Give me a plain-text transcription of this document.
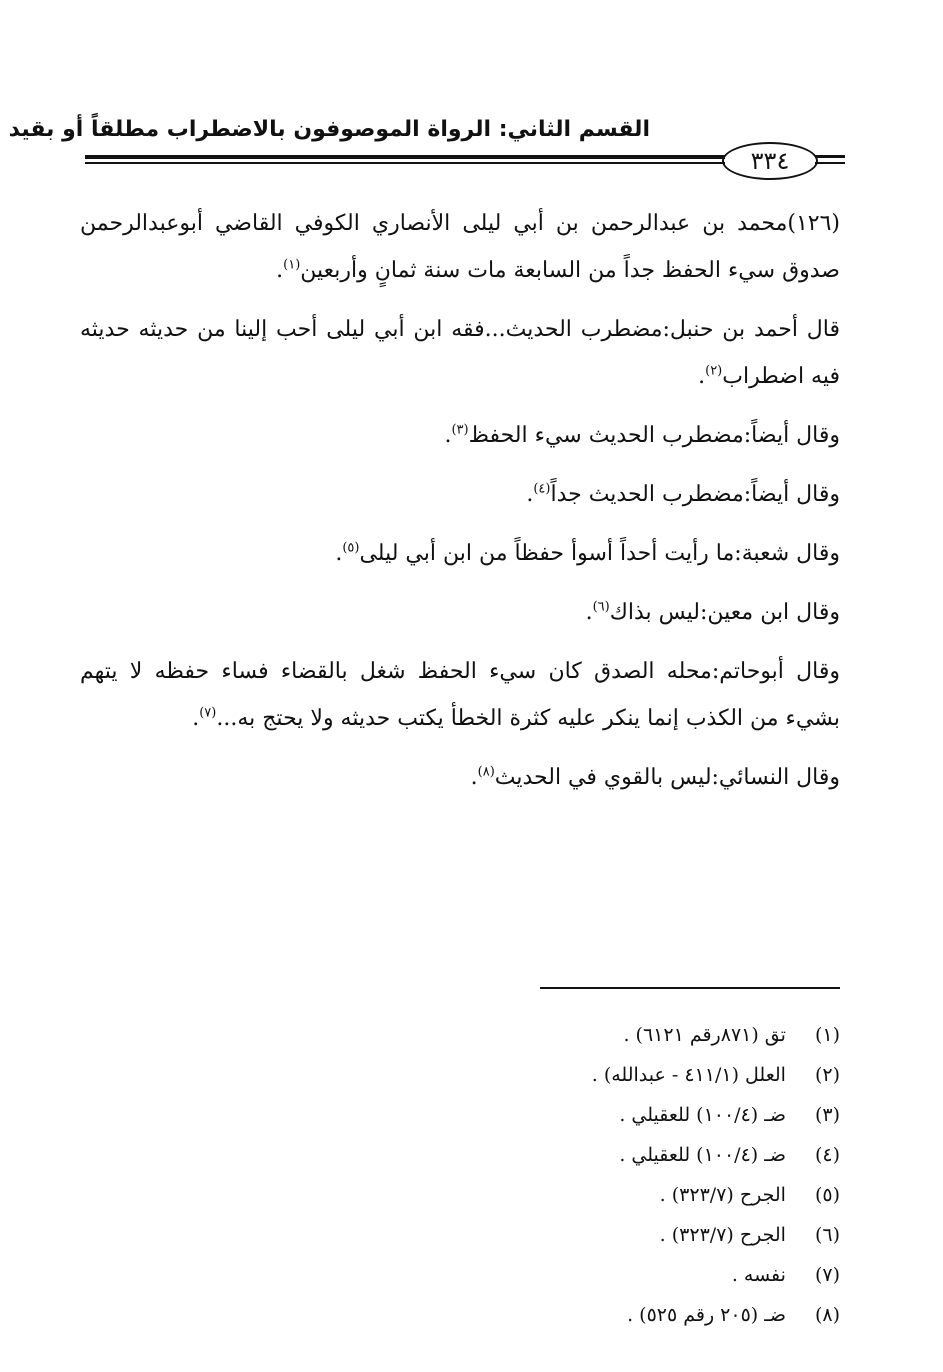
القسم الثاني: الرواة الموصوفون بالاضطراب مطلقاً أو بقيد
٣٣٤

(١٢٦)محمد بن عبدالرحمن بن أبي ليلى الأنصاري الكوفي القاضي أبوعبدالرحمن صدوق سيء الحفظ جداً من السابعة مات سنة ثمانٍ وأربعين$^{(١)}$.

قال أحمد بن حنبل:مضطرب الحديث...فقه ابن أبي ليلى أحب إلينا من حديثه حديثه فيه اضطراب$^{(٢)}$.

وقال أيضاً:مضطرب الحديث سيء الحفظ$^{(٣)}$.

وقال أيضاً:مضطرب الحديث جداً$^{(٤)}$.

وقال شعبة:ما رأيت أحداً أسوأ حفظاً من ابن أبي ليلى$^{(٥)}$.

وقال ابن معين:ليس بذاك$^{(٦)}$.

وقال أبوحاتم:محله الصدق كان سيء الحفظ شغل بالقضاء فساء حفظه لا يتهم بشيء من الكذب إنما ينكر عليه كثرة الخطأ يكتب حديثه ولا يحتج به...$^{(٧)}$.

وقال النسائي:ليس بالقوي في الحديث$^{(٨)}$.

(١) تق (٨٧١رقم ٦١٢١) .
(٢) العلل (٤١١/١ - عبدالله) .
(٣) ضـ (١٠٠/٤) للعقيلي .
(٤) ضـ (١٠٠/٤) للعقيلي .
(٥) الجرح (٣٢٣/٧) .
(٦) الجرح (٣٢٣/٧) .
(٧) نفسه .
(٨) ضـ (٢٠٥ رقم ٥٢٥) .
